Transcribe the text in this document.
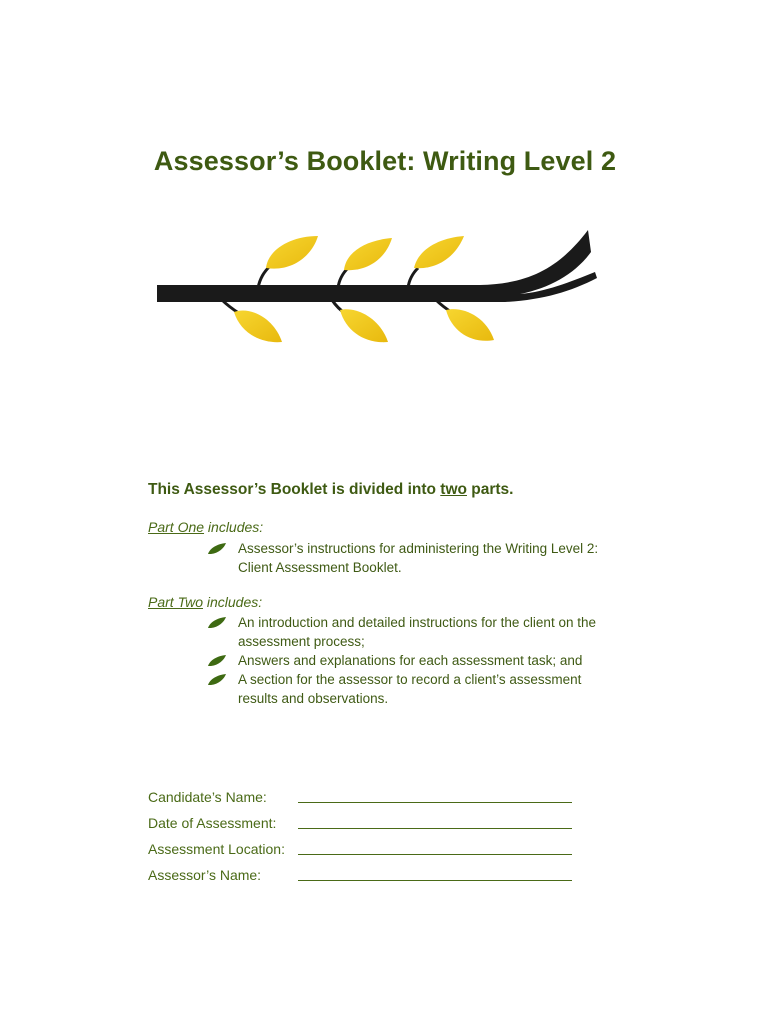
Assessor’s Booklet: Writing Level 2

This Assessor’s Booklet is divided into two parts.

Part One includes:

Assessor’s instructions for administering the Writing Level 2: Client Assessment Booklet.

Part Two includes:

An introduction and detailed instructions for the client on the assessment process;
Answers and explanations for each assessment task; and
A section for the assessor to record a client’s assessment results and observations.
Candidate’s Name:
Date of Assessment:
Assessment Location:
Assessor’s Name:
